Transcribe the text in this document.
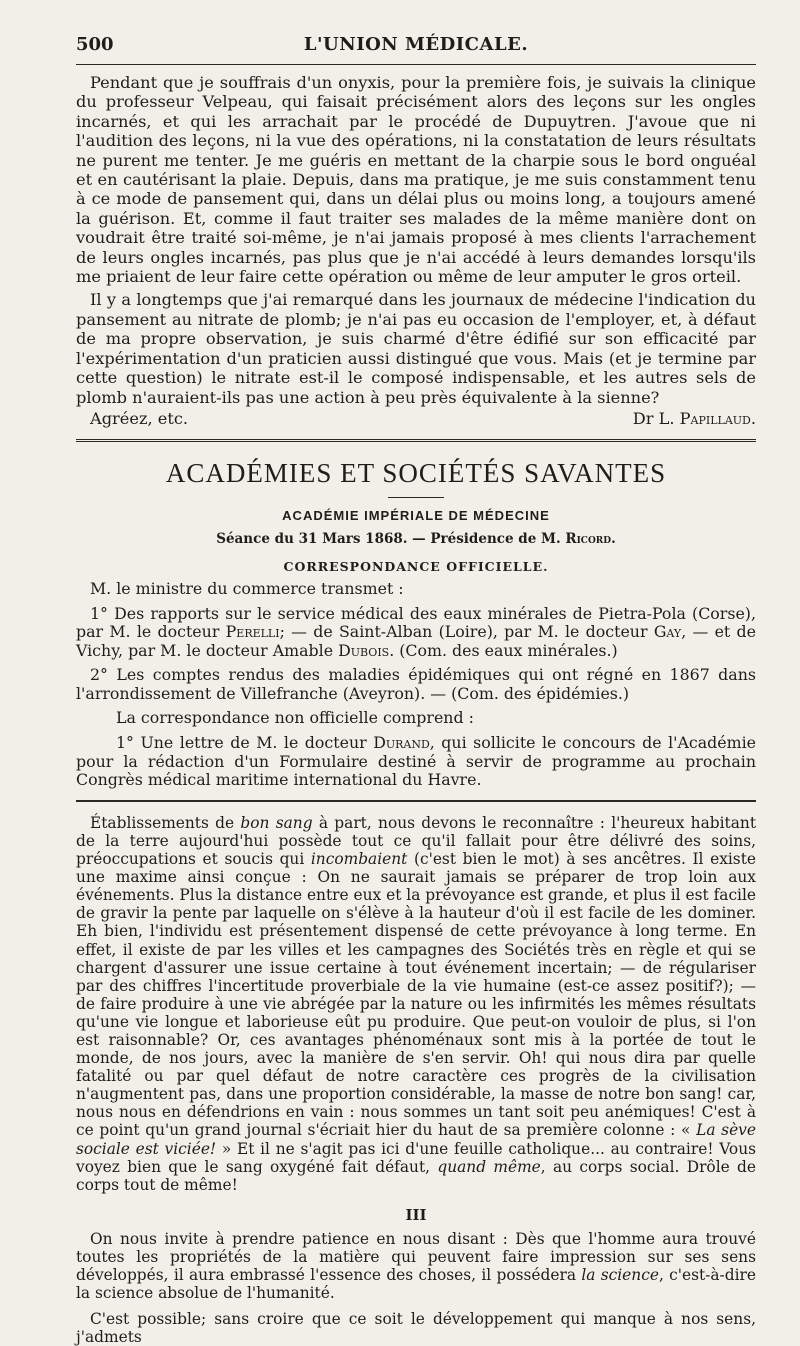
500	L'UNION MÉDICALE.

Pendant que je souffrais d'un onyxis, pour la première fois, je suivais la clinique du professeur Velpeau, qui faisait précisément alors des leçons sur les ongles incarnés, et qui les arrachait par le procédé de Dupuytren. J'avoue que ni l'audition des leçons, ni la vue des opérations, ni la constatation de leurs résultats ne purent me tenter. Je me guéris en mettant de la charpie sous le bord onguéal et en cautérisant la plaie. Depuis, dans ma pratique, je me suis constamment tenu à ce mode de pansement qui, dans un délai plus ou moins long, a toujours amené la guérison. Et, comme il faut traiter ses malades de la même manière dont on voudrait être traité soi-même, je n'ai jamais proposé à mes clients l'arrachement de leurs ongles incarnés, pas plus que je n'ai accédé à leurs demandes lorsqu'ils me priaient de leur faire cette opération ou même de leur amputer le gros orteil.

Il y a longtemps que j'ai remarqué dans les journaux de médecine l'indication du pansement au nitrate de plomb; je n'ai pas eu occasion de l'employer, et, à défaut de ma propre observation, je suis charmé d'être édifié sur son efficacité par l'expérimentation d'un praticien aussi distingué que vous. Mais (et je termine par cette question) le nitrate est-il le composé indispensable, et les autres sels de plomb n'auraient-ils pas une action à peu près équivalente à la sienne?

Agréez, etc.	Dr L. Papillaud.
ACADÉMIES ET SOCIÉTÉS SAVANTES
ACADÉMIE IMPÉRIALE DE MÉDECINE
Séance du 31 Mars 1868. — Présidence de M. Ricord.
CORRESPONDANCE OFFICIELLE.

M. le ministre du commerce transmet :

1° Des rapports sur le service médical des eaux minérales de Pietra-Pola (Corse), par M. le docteur Perelli; — de Saint-Alban (Loire), par M. le docteur Gay, — et de Vichy, par M. le docteur Amable Dubois. (Com. des eaux minérales.)

2° Les comptes rendus des maladies épidémiques qui ont régné en 1867 dans l'arrondissement de Villefranche (Aveyron). — (Com. des épidémies.)

La correspondance non officielle comprend :

1° Une lettre de M. le docteur Durand, qui sollicite le concours de l'Académie pour la rédaction d'un Formulaire destiné à servir de programme au prochain Congrès médical maritime international du Havre.

Établissements de bon sang à part, nous devons le reconnaître : l'heureux habitant de la terre aujourd'hui possède tout ce qu'il fallait pour être délivré des soins, préoccupations et soucis qui incombaient (c'est bien le mot) à ses ancêtres. Il existe une maxime ainsi conçue : On ne saurait jamais se préparer de trop loin aux événements. Plus la distance entre eux et la prévoyance est grande, et plus il est facile de gravir la pente par laquelle on s'élève à la hauteur d'où il est facile de les dominer. Eh bien, l'individu est présentement dispensé de cette prévoyance à long terme. En effet, il existe de par les villes et les campagnes des Sociétés très en règle et qui se chargent d'assurer une issue certaine à tout événement incertain; — de régulariser par des chiffres l'incertitude proverbiale de la vie humaine (est-ce assez positif?); — de faire produire à une vie abrégée par la nature ou les infirmités les mêmes résultats qu'une vie longue et laborieuse eût pu produire. Que peut-on vouloir de plus, si l'on est raisonnable? Or, ces avantages phénoménaux sont mis à la portée de tout le monde, de nos jours, avec la manière de s'en servir. Oh! qui nous dira par quelle fatalité ou par quel défaut de notre caractère ces progrès de la civilisation n'augmentent pas, dans une proportion considérable, la masse de notre bon sang! car, nous nous en défendrions en vain : nous sommes un tant soit peu anémiques! C'est à ce point qu'un grand journal s'écriait hier du haut de sa première colonne : « La sève sociale est viciée! » Et il ne s'agit pas ici d'une feuille catholique... au contraire! Vous voyez bien que le sang oxygéné fait défaut, quand même, au corps social. Drôle de corps tout de même!

III

On nous invite à prendre patience en nous disant : Dès que l'homme aura trouvé toutes les propriétés de la matière qui peuvent faire impression sur ses sens développés, il aura embrassé l'essence des choses, il possédera la science, c'est-à-dire la science absolue de l'humanité.

C'est possible; sans croire que ce soit le développement qui manque à nos sens, j'admets
